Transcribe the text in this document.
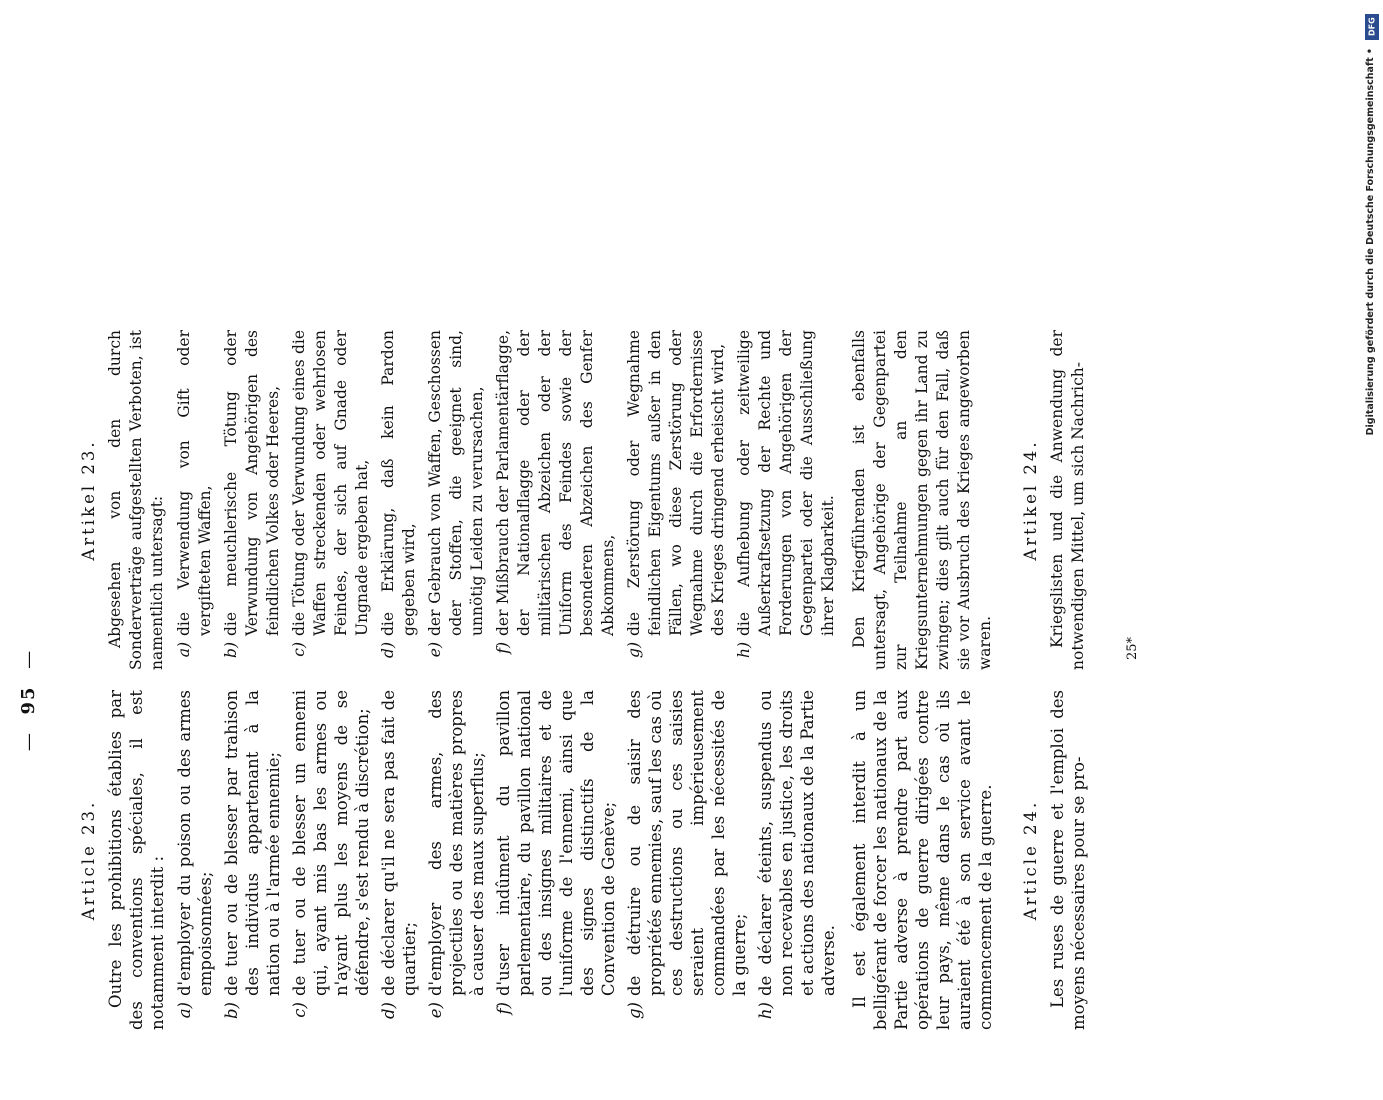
—  95  —
Article 23. Outre les prohibitions établies par des conventions spéciales, il est notamment interdit : a)
d'employer du poison ou des armes empoisonnées;
b)
de tuer ou de blesser par trahison des individus appartenant à la nation ou à l'armée ennemie;
c)
de tuer ou de blesser un ennemi qui, ayant mis bas les armes ou n'ayant plus les moyens de se défendre, s'est rendu à discrétion;
d)
de déclarer qu'il ne sera pas fait de quartier;
e)
d'employer des armes, des projectiles ou des matières propres à causer des maux superflus;
f)
d'user indûment du pavillon parlementaire, du pavillon national ou des insignes militaires et de l'uniforme de l'ennemi, ainsi que des signes distinctifs de la Convention de Genève;
g)
de détruire ou de saisir des propriétés ennemies, sauf les cas où ces destructions ou ces saisies seraient impérieusement commandées par les nécessités de la guerre;
h)
de déclarer éteints, suspendus ou non recevables en justice, les droits et actions des nationaux de la Partie adverse. Il est également interdit à un belligérant de forcer les nationaux de la Partie adverse à prendre part aux opérations de guerre dirigées contre leur pays, même dans le cas où ils auraient été à son service avant le commencement de la guerre. Article 24. Les ruses de guerre et l'emploi des moyens nécessaires pour se pro-
Artikel 23. Abgesehen von den durch Sonderverträge aufgestellten Verboten, ist namentlich untersagt: a)
die Verwendung von Gift oder vergifteten Waffen,
b)
die meuchlerische Tötung oder Verwundung von Angehörigen des feindlichen Volkes oder Heeres,
c)
die Tötung oder Verwundung eines die Waffen streckenden oder wehrlosen Feindes, der sich auf Gnade oder Ungnade ergeben hat,
d)
die Erklärung, daß kein Pardon gegeben wird,
e)
der Gebrauch von Waffen, Geschossen oder Stoffen, die geeignet sind, unnötig Leiden zu verursachen,
f)
der Mißbrauch der Parlamentärflagge, der Nationalflagge oder der militärischen Abzeichen oder der Uniform des Feindes sowie der besonderen Abzeichen des Genfer Abkommens,
g)
die Zerstörung oder Wegnahme feindlichen Eigentums außer in den Fällen, wo diese Zerstörung oder Wegnahme durch die Erfordernisse des Krieges dringend erheischt wird,
h)
die Aufhebung oder zeitweilige Außerkraftsetzung der Rechte und Forderungen von Angehörigen der Gegenpartei oder die Ausschließung ihrer Klagbarkeit. Den Kriegführenden ist ebenfalls untersagt, Angehörige der Gegenpartei zur Teilnahme an den Kriegsunternehmungen gegen ihr Land zu zwingen; dies gilt auch für den Fall, daß sie vor Ausbruch des Krieges angeworben waren.
Artikel 24. Kriegslisten und die Anwendung der notwendigen Mittel, um sich Nachrich-	25*
DFG
Digitalisierung gefördert durch die Deutsche Forschungsgemeinschaft •
